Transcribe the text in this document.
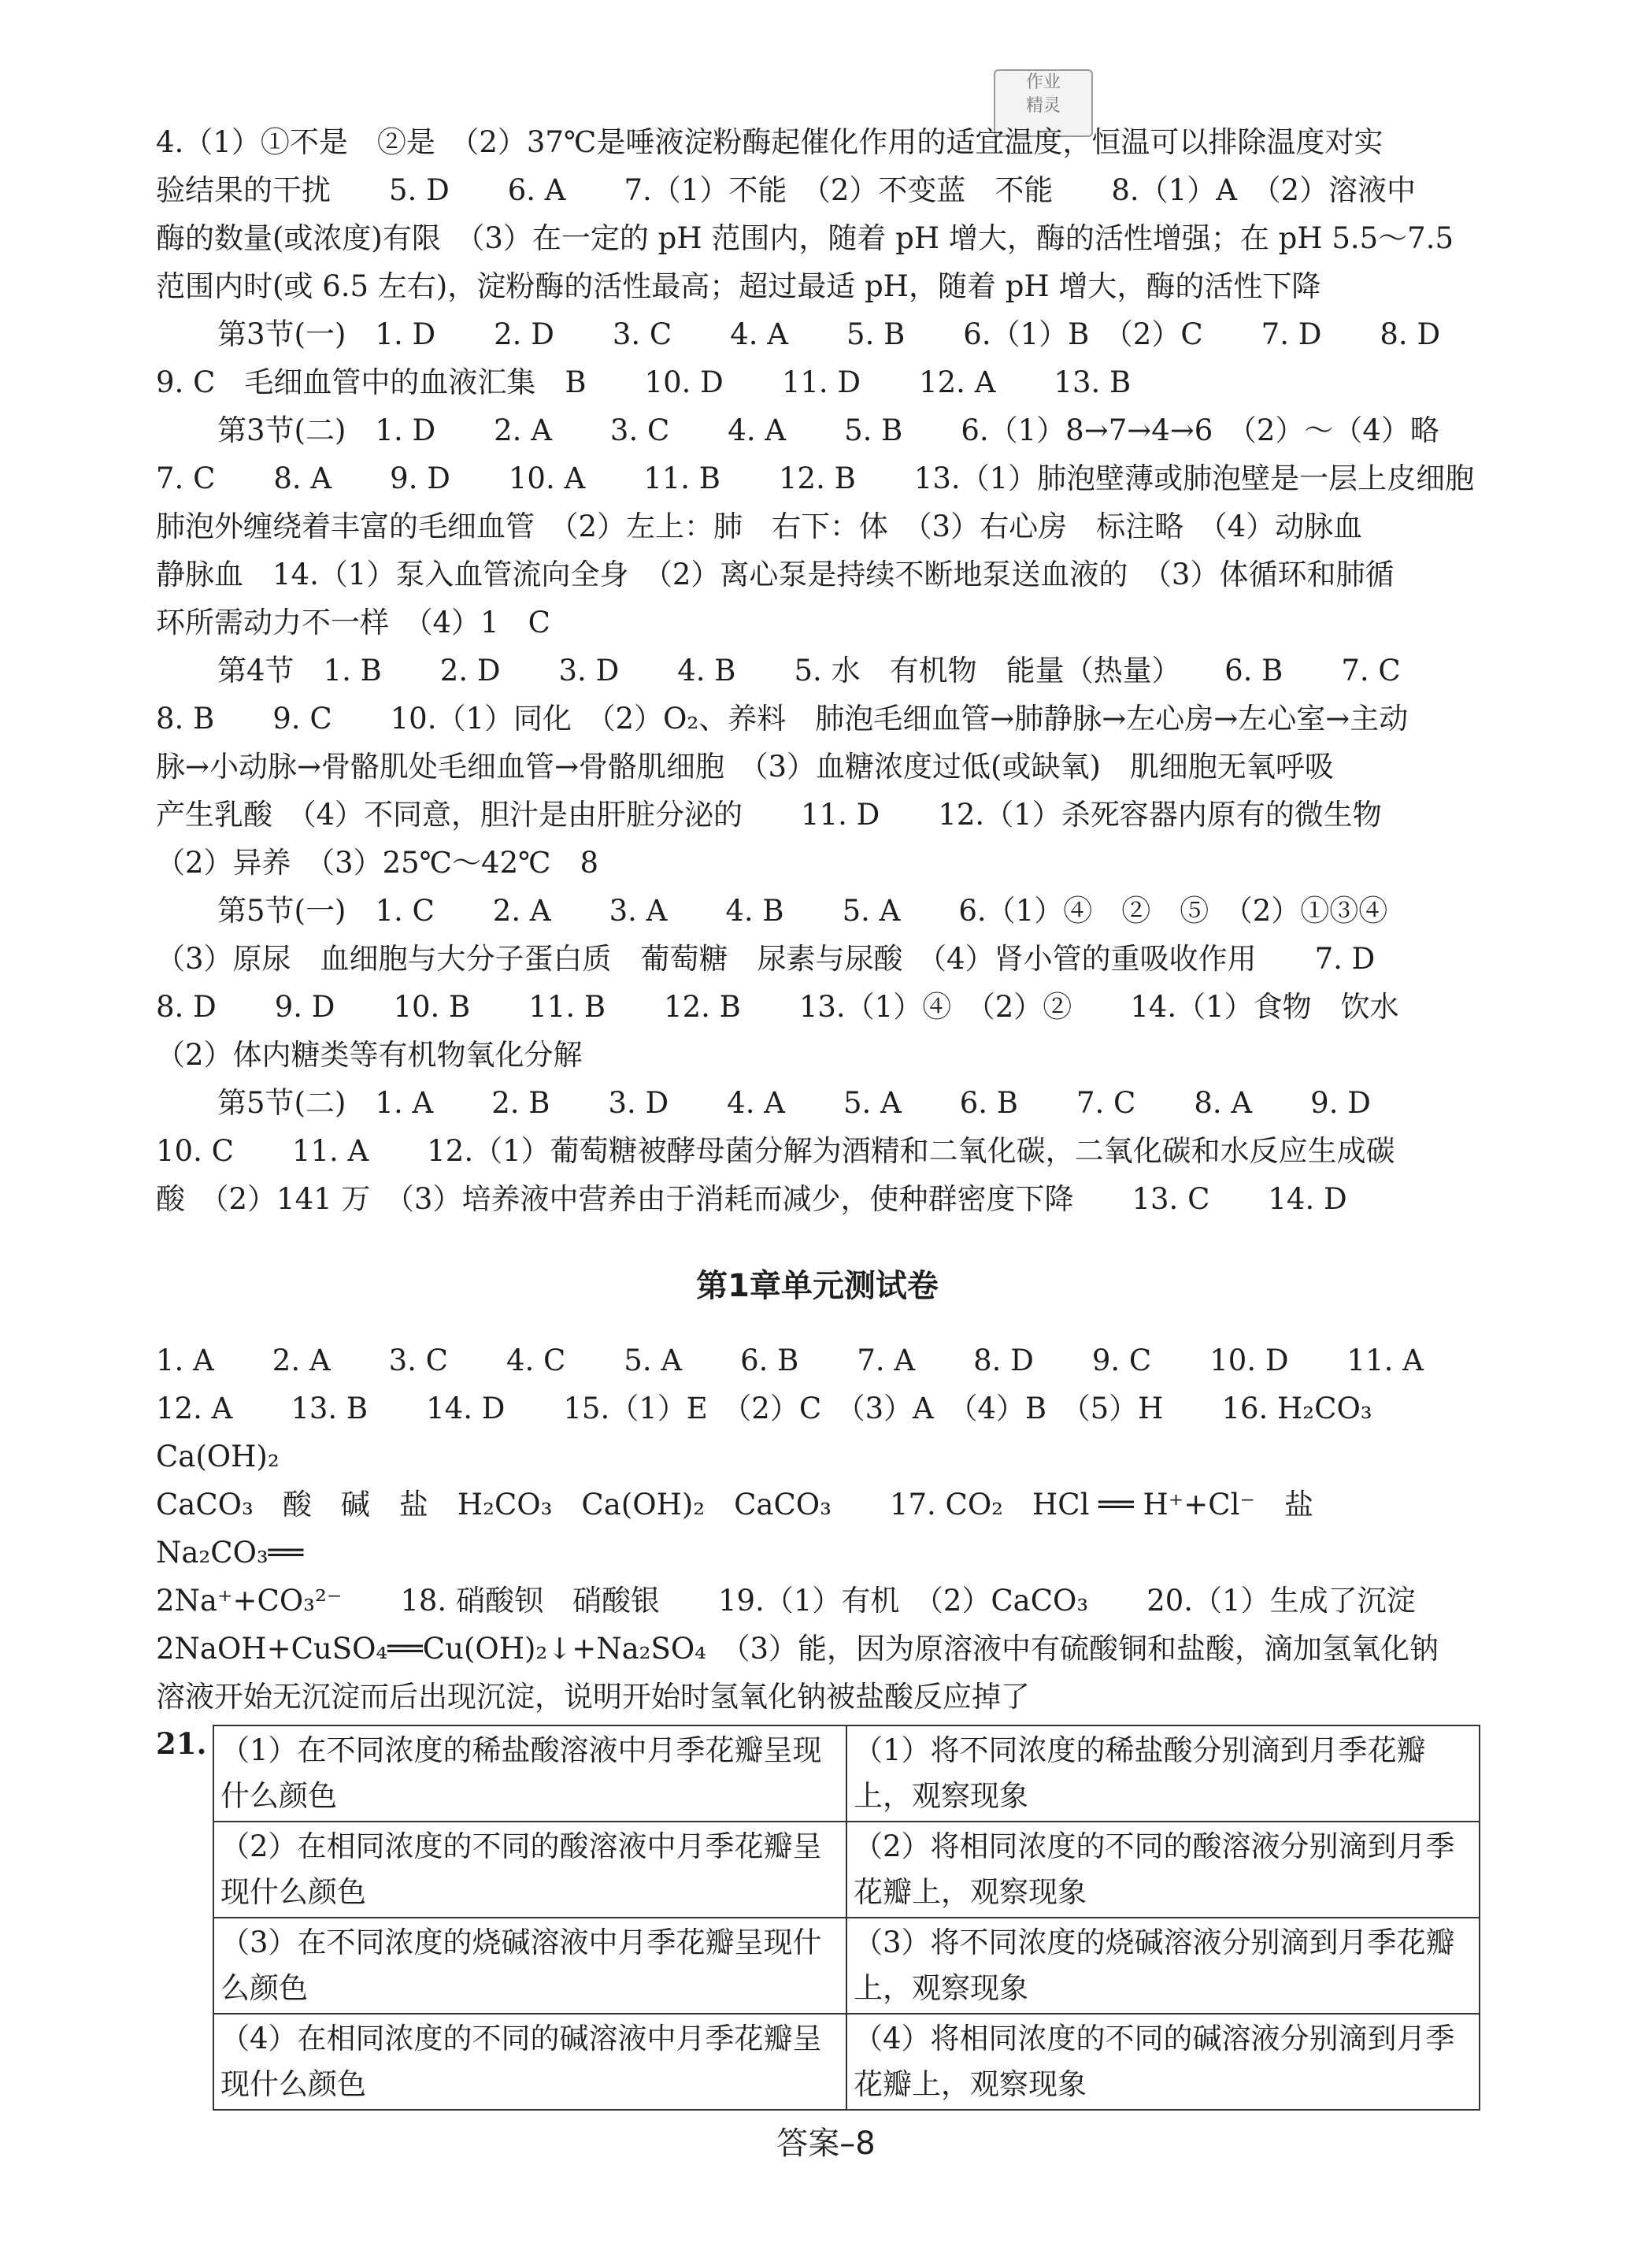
作业
精灵

4.（1）①不是　②是　（2）37℃是唾液淀粉酶起催化作用的适宜温度，恒温可以排除温度对实

验结果的干扰　　5. D　　6. A　　7.（1）不能　（2）不变蓝　不能　　8.（1）A　（2）溶液中

酶的数量(或浓度)有限　（3）在一定的 pH 范围内，随着 pH 增大，酶的活性增强；在 pH 5.5～7.5

范围内时(或 6.5 左右)，淀粉酶的活性最高；超过最适 pH，随着 pH 增大，酶的活性下降

第3节(一)　1. D　　2. D　　3. C　　4. A　　5. B　　6.（1）B　（2）C　　7. D　　8. D

9. C　毛细血管中的血液汇集　B　　10. D　　11. D　　12. A　　13. B

第3节(二)　1. D　　2. A　　3. C　　4. A　　5. B　　6.（1）8→7→4→6　（2）～（4）略

7. C　　8. A　　9. D　　10. A　　11. B　　12. B　　13.（1）肺泡壁薄或肺泡壁是一层上皮细胞

肺泡外缠绕着丰富的毛细血管　（2）左上：肺　右下：体　（3）右心房　标注略　（4）动脉血

静脉血　14.（1）泵入血管流向全身　（2）离心泵是持续不断地泵送血液的　（3）体循环和肺循

环所需动力不一样　（4）1　C

第4节　1. B　　2. D　　3. D　　4. B　　5. 水　有机物　能量（热量）　　6. B　　7. C

8. B　　9. C　　10.（1）同化　（2）O₂、养料　肺泡毛细血管→肺静脉→左心房→左心室→主动

脉→小动脉→骨骼肌处毛细血管→骨骼肌细胞　（3）血糖浓度过低(或缺氧)　肌细胞无氧呼吸

产生乳酸　（4）不同意，胆汁是由肝脏分泌的　　11. D　　12.（1）杀死容器内原有的微生物

（2）异养　（3）25℃～42℃　8

第5节(一)　1. C　　2. A　　3. A　　4. B　　5. A　　6.（1）④　②　⑤　（2）①③④

（3）原尿　血细胞与大分子蛋白质　葡萄糖　尿素与尿酸　（4）肾小管的重吸收作用　　7. D

8. D　　9. D　　10. B　　11. B　　12. B　　13.（1）④　（2）②　　14.（1）食物　饮水

（2）体内糖类等有机物氧化分解

第5节(二)　1. A　　2. B　　3. D　　4. A　　5. A　　6. B　　7. C　　8. A　　9. D

10. C　　11. A　　12.（1）葡萄糖被酵母菌分解为酒精和二氧化碳，二氧化碳和水反应生成碳

酸　（2）141 万　（3）培养液中营养由于消耗而减少，使种群密度下降　　13. C　　14. D

第1章单元测试卷

1. A　　2. A　　3. C　　4. C　　5. A　　6. B　　7. A　　8. D　　9. C　　10. D　　11. A

12. A　　13. B　　14. D　　15.（1）E　（2）C　（3）A　（4）B　（5）H　　16. H₂CO₃　Ca(OH)₂

CaCO₃　酸　碱　盐　H₂CO₃　Ca(OH)₂　CaCO₃　　17. CO₂　HCl ══ H⁺+Cl⁻　盐　Na₂CO₃══

2Na⁺+CO₃²⁻　　18. 硝酸钡　硝酸银　　19.（1）有机　（2）CaCO₃　　20.（1）生成了沉淀

2NaOH+CuSO₄══Cu(OH)₂↓+Na₂SO₄　（3）能，因为原溶液中有硫酸铜和盐酸，滴加氢氧化钠

溶液开始无沉淀而后出现沉淀，说明开始时氢氧化钠被盐酸反应掉了

21. （1）在不同浓度的稀盐酸溶液中月季花瓣呈现什么颜色	（1）将不同浓度的稀盐酸分别滴到月季花瓣上，观察现象
（2）在相同浓度的不同的酸溶液中月季花瓣呈现什么颜色	（2）将相同浓度的不同的酸溶液分别滴到月季花瓣上，观察现象
（3）在不同浓度的烧碱溶液中月季花瓣呈现什么颜色	（3）将不同浓度的烧碱溶液分别滴到月季花瓣上，观察现象
（4）在相同浓度的不同的碱溶液中月季花瓣呈现什么颜色	（4）将相同浓度的不同的碱溶液分别滴到月季花瓣上，观察现象
答案–8
